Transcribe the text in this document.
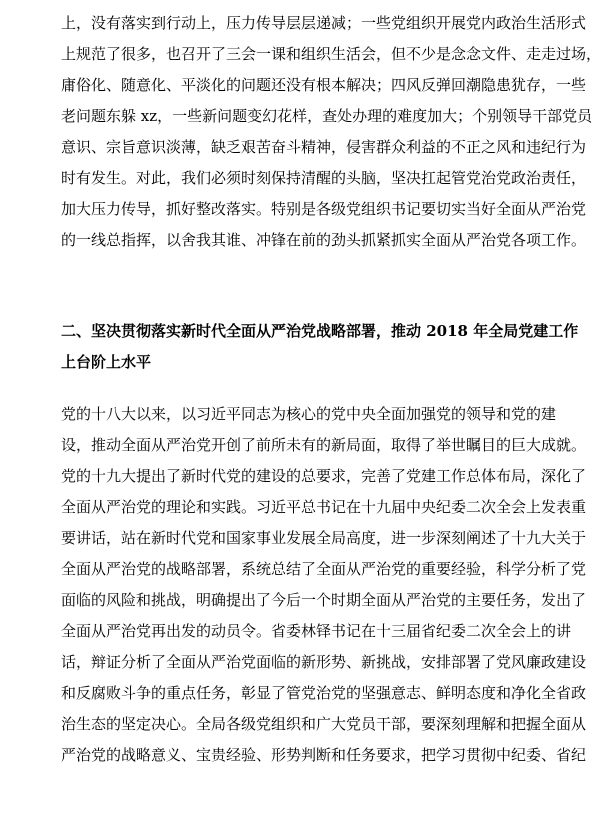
上，没有落实到行动上，压力传导层层递减；一些党组织开展党内政治生活形式
上规范了很多，也召开了三会一课和组织生活会，但不少是念念文件、走走过场，
庸俗化、随意化、平淡化的问题还没有根本解决；四风反弹回潮隐患犹存，一些
老问题东躲 xz，一些新问题变幻花样，查处办理的难度加大；个别领导干部党员
意识、宗旨意识淡薄，缺乏艰苦奋斗精神，侵害群众利益的不正之风和违纪行为
时有发生。对此，我们必须时刻保持清醒的头脑，坚决扛起管党治党政治责任，
加大压力传导，抓好整改落实。特别是各级党组织书记要切实当好全面从严治党
的一线总指挥，以舍我其谁、冲锋在前的劲头抓紧抓实全面从严治党各项工作。
二、坚决贯彻落实新时代全面从严治党战略部署，推动 2018 年全局党建工作
上台阶上水平
党的十八大以来，以习近平同志为核心的党中央全面加强党的领导和党的建
设，推动全面从严治党开创了前所未有的新局面，取得了举世瞩目的巨大成就。
党的十九大提出了新时代党的建设的总要求，完善了党建工作总体布局，深化了
全面从严治党的理论和实践。习近平总书记在十九届中央纪委二次全会上发表重
要讲话，站在新时代党和国家事业发展全局高度，进一步深刻阐述了十九大关于
全面从严治党的战略部署，系统总结了全面从严治党的重要经验，科学分析了党
面临的风险和挑战，明确提出了今后一个时期全面从严治党的主要任务，发出了
全面从严治党再出发的动员令。省委林铎书记在十三届省纪委二次全会上的讲
话，辩证分析了全面从严治党面临的新形势、新挑战，安排部署了党风廉政建设
和反腐败斗争的重点任务，彰显了管党治党的坚强意志、鲜明态度和净化全省政
治生态的坚定决心。全局各级党组织和广大党员干部，要深刻理解和把握全面从
严治党的战略意义、宝贵经验、形势判断和任务要求，把学习贯彻中纪委、省纪
